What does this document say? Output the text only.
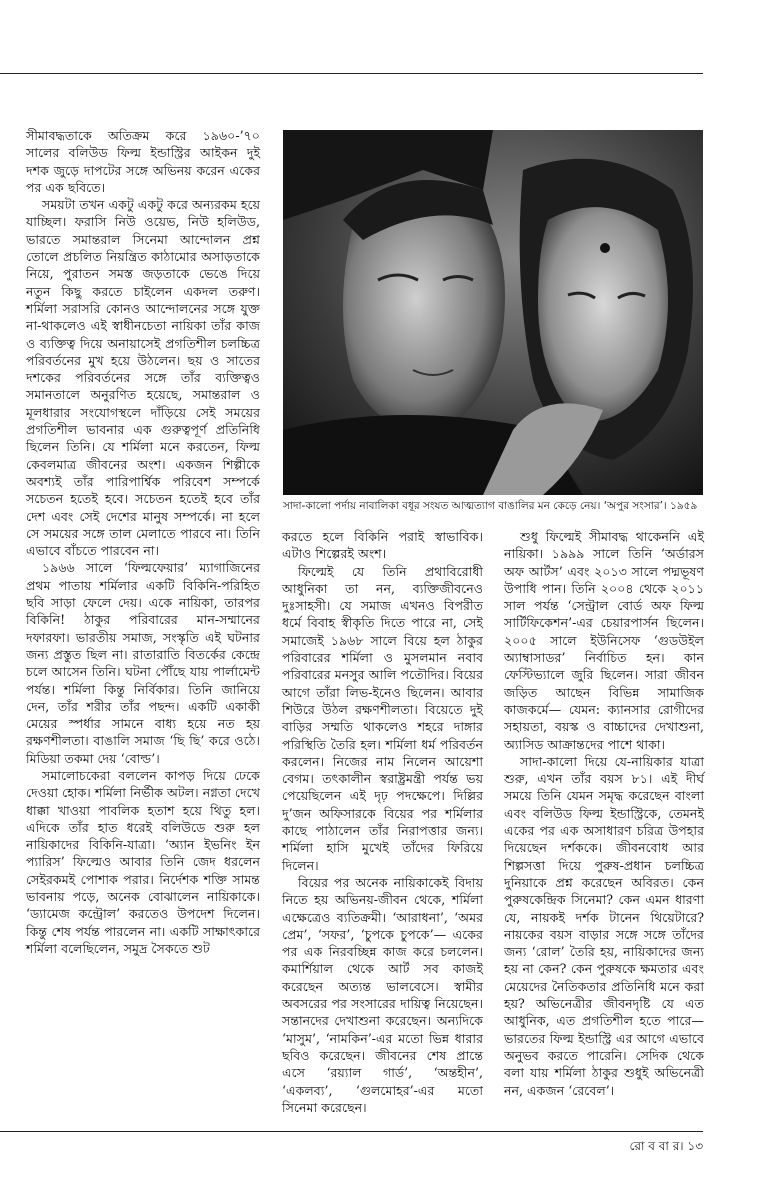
সাদা-কালো পর্দায় নাবালিকা বধূর সংযত আত্মত্যাগ বাঙালির মন কেড়ে নেয়। ‘অপুর সংসার’। ১৯৫৯

সীমাবদ্ধতাকে অতিক্রম করে ১৯৬০-’৭০ সালের বলিউড ফিল্ম ইন্ডাস্ট্রির আইকন দুই দশক জুড়ে দাপটের সঙ্গে অভিনয় করেন একের পর এক ছবিতে।

সময়টা তখন একটু একটু করে অন্যরকম হয়ে যাচ্ছিল। ফরাসি নিউ ওয়েভ, নিউ হলিউড, ভারতে সমান্তরাল সিনেমা আন্দোলন প্রশ্ন তোলে প্রচলিত নিয়ন্ত্রিত কাঠামোর অসাড়তাকে নিয়ে, পুরাতন সমস্ত জড়তাকে ভেঙে দিয়ে নতুন কিছু করতে চাইলেন একদল তরুণ। শর্মিলা সরাসরি কোনও আন্দোলনের সঙ্গে যুক্ত না-থাকলেও এই স্বাধীনচেতা নায়িকা তাঁর কাজ ও ব্যক্তিত্ব দিয়ে অনায়াসেই প্রগতিশীল চলচ্চিত্র পরিবর্তনের মুখ হয়ে উঠলেন। ছয় ও সাতের দশকের পরিবর্তনের সঙ্গে তাঁর ব্যক্তিত্বও সমানতালে অনুরণিত হয়েছে, সমান্তরাল ও মূলধারার সংযোগস্থলে দাঁড়িয়ে সেই সময়ের প্রগতিশীল ভাবনার এক গুরুত্বপূর্ণ প্রতিনিধি ছিলেন তিনি। যে শর্মিলা মনে করতেন, ফিল্ম কেবলমাত্র জীবনের অংশ। একজন শিল্পীকে অবশ্যই তাঁর পারিপার্শ্বিক পরিবেশ সম্পর্কে সচেতন হতেই হবে। সচেতন হতেই হবে তাঁর দেশ এবং সেই দেশের মানুষ সম্পর্কে। না হলে সে সময়ের সঙ্গে তাল মেলাতে পারবে না। তিনি এভাবে বাঁচতে পারবেন না।

১৯৬৬ সালে ‘ফিল্মফেয়ার’ ম্যাগাজিনের প্রথম পাতায় শর্মিলার একটি বিকিনি-পরিহিত ছবি সাড়া ফেলে দেয়। একে নায়িকা, তারপর বিকিনি! ঠাকুর পরিবারের মান-সম্মানের দফারফা। ভারতীয় সমাজ, সংস্কৃতি এই ঘটনার জন্য প্রস্তুত ছিল না। রাতারাতি বিতর্কের কেন্দ্রে চলে আসেন তিনি। ঘটনা পৌঁছে যায় পার্লামেন্ট পর্যন্ত। শর্মিলা কিন্তু নির্বিকার। তিনি জানিয়ে দেন, তাঁর শরীর তাঁর পছন্দ। একটি একাকী মেয়ের স্পর্ধার সামনে বাধ্য হয়ে নত হয় রক্ষণশীলতা। বাঙালি সমাজ ‘ছি ছি’ করে ওঠে। মিডিয়া তকমা দেয় ‘বোল্ড’।

সমালোচকেরা বললেন কাপড় দিয়ে ঢেকে দেওয়া হোক। শর্মিলা নির্ভীক অটল। নগ্নতা দেখে ধাক্কা খাওয়া পাবলিক হতাশ হয়ে থিতু হল। এদিকে তাঁর হাত ধরেই বলিউডে শুরু হল নায়িকাদের বিকিনি-যাত্রা। ‘অ্যান ইভনিং ইন প্যারিস’ ফিল্মেও আবার তিনি জেদ ধরলেন সেইরকমই পোশাক পরার। নির্দেশক শক্তি সামন্ত ভাবনায় পড়ে, অনেক বোঝালেন নায়িকাকে। ‘ড্যামেজ কন্ট্রোল’ করতেও উপদেশ দিলেন। কিন্তু শেষ পর্যন্ত পারলেন না। একটি সাক্ষাৎকারে শর্মিলা বলেছিলেন, সমুদ্র সৈকতে শুট

করতে হলে বিকিনি পরাই স্বাভাবিক। এটাও শিল্পেরই অংশ।

ফিল্মেই যে তিনি প্রথাবিরোধী আধুনিকা তা নন, ব্যক্তিজীবনেও দুঃসাহসী। যে সমাজ এখনও বিপরীত ধর্মে বিবাহ স্বীকৃতি দিতে পারে না, সেই সমাজেই ১৯৬৮ সালে বিয়ে হল ঠাকুর পরিবারের শর্মিলা ও মুসলমান নবাব পরিবারের মনসুর আলি পতৌদির। বিয়ের আগে তাঁরা লিভ-ইনেও ছিলেন। আবার শিউরে উঠল রক্ষণশীলতা। বিয়েতে দুই বাড়ির সম্মতি থাকলেও শহরে দাঙ্গার পরিস্থিতি তৈরি হল। শর্মিলা ধর্ম পরিবর্তন করলেন। নিজের নাম নিলেন আয়েশা বেগম। তৎকালীন স্বরাষ্ট্রমন্ত্রী পর্যন্ত ভয় পেয়েছিলেন এই দৃঢ় পদক্ষেপে। দিল্লির দু’জন অফিসারকে বিয়ের পর শর্মিলার কাছে পাঠালেন তাঁর নিরাপত্তার জন্য। শর্মিলা হাসি মুখেই তাঁদের ফিরিয়ে দিলেন।

বিয়ের পর অনেক নায়িকাকেই বিদায় নিতে হয় অভিনয়-জীবন থেকে, শর্মিলা এক্ষেত্রেও ব্যতিক্রমী। ‘আরাধনা’, ‘অমর প্রেম’, ‘সফর’, ‘চুপকে চুপকে’— একের পর এক নিরবচ্ছিন্ন কাজ করে চললেন। কমার্শিয়াল থেকে আর্ট সব কাজই করেছেন অত্যন্ত ভালবেসে। স্বামীর অবসরের পর সংসারের দায়িত্ব নিয়েছেন। সন্তানদের দেখাশুনা করেছেন। অন্যদিকে ‘মাসুম’, ‘নামকিন’-এর মতো ভিন্ন ধারার ছবিও করেছেন। জীবনের শেষ প্রান্তে এসে ‘রয়্যাল গার্ড’, ‘অন্তহীন’, ‘একলব্য’, ‘গুলমোহর’-এর মতো সিনেমা করেছেন।

শুধু ফিল্মেই সীমাবদ্ধ থাকেননি এই নায়িকা। ১৯৯৯ সালে তিনি ‘অর্ডারস অফ আর্টস’ এবং ২০১৩ সালে পদ্মভূষণ উপাধি পান। তিনি ২০০৪ থেকে ২০১১ সাল পর্যন্ত ‘সেন্ট্রাল বোর্ড অফ ফিল্ম সার্টিফিকেশন’-এর চেয়ারপার্সন ছিলেন। ২০০৫ সালে ইউনিসেফ ‘গুডউইল অ্যাম্বাসাডর’ নির্বাচিত হন। কান ফেস্টিভ্যালে জুরি ছিলেন। সারা জীবন জড়িত আছেন বিভিন্ন সামাজিক কাজকর্মে— যেমন: ক্যানসার রোগীদের সহায়তা, বয়স্ক ও বাচ্চাদের দেখাশুনা, অ্যাসিড আক্রান্তদের পাশে থাকা।

সাদা-কালো দিয়ে যে-নায়িকার যাত্রা শুরু, এখন তাঁর বয়স ৮১। এই দীর্ঘ সময়ে তিনি যেমন সমৃদ্ধ করেছেন বাংলা এবং বলিউড ফিল্ম ইন্ডাস্ট্রিকে, তেমনই একের পর এক অসাধারণ চরিত্র উপহার দিয়েছেন দর্শককে। জীবনবোধ আর শিল্পসত্তা দিয়ে পুরুষ-প্রধান চলচ্চিত্র দুনিয়াকে প্রশ্ন করেছেন অবিরত। কেন পুরুষকেন্দ্রিক সিনেমা? কেন এমন ধারণা যে, নায়কই দর্শক টানেন থিয়েটারে? নায়কের বয়স বাড়ার সঙ্গে সঙ্গে তাঁদের জন্য ‘রোল’ তৈরি হয়, নায়িকাদের জন্য হয় না কেন? কেন পুরুষকে ক্ষমতার এবং মেয়েদের নৈতিকতার প্রতিনিধি মনে করা হয়? অভিনেত্রীর জীবনদৃষ্টি যে এত আধুনিক, এত প্রগতিশীল হতে পারে— ভারতের ফিল্ম ইন্ডাস্ট্রি এর আগে এভাবে অনুভব করতে পারেনি। সেদিক থেকে বলা যায় শর্মিলা ঠাকুর শুধুই অভিনেত্রী নন, একজন ‘রেবেল’।

রো ব বা র। ১৩
